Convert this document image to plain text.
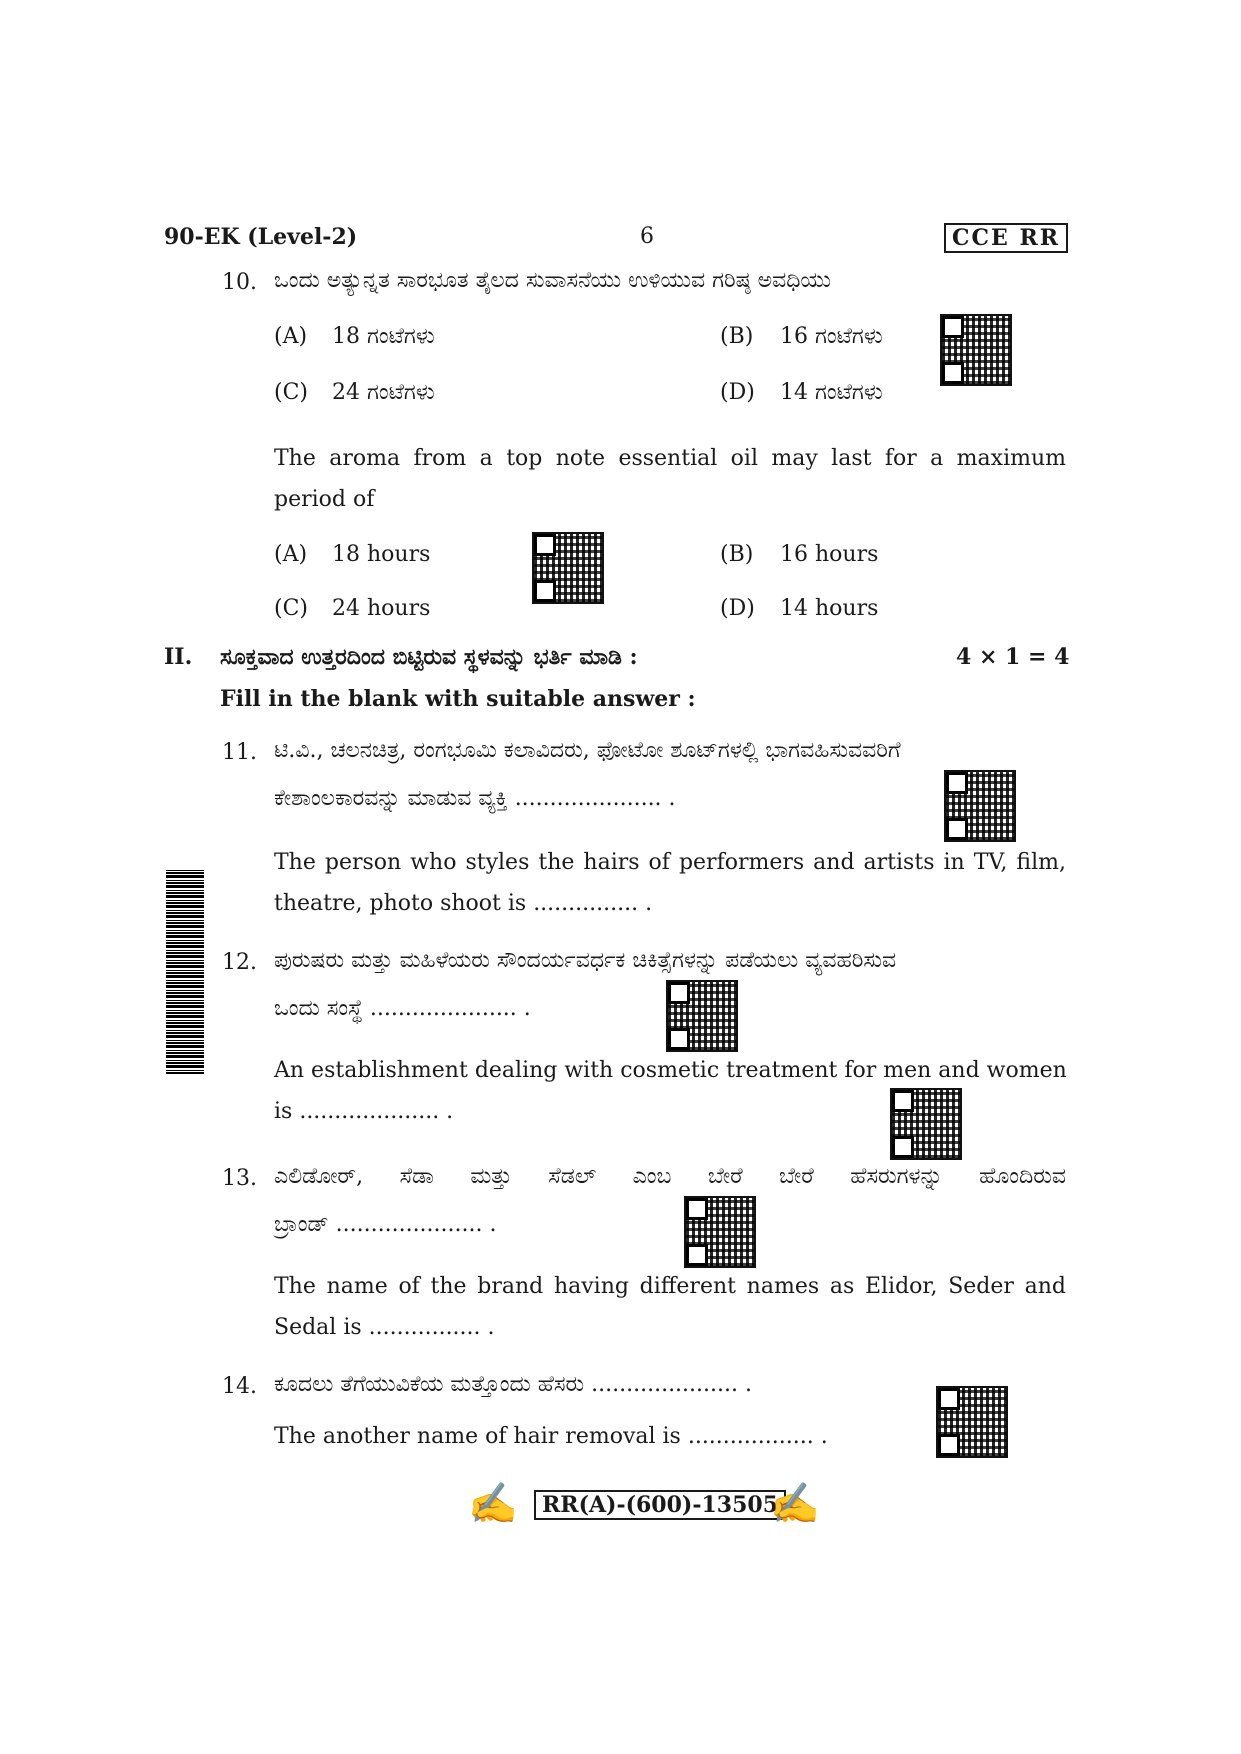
90-EK (Level-2)	6	CCE RR
10. ಒಂದು ಅತ್ಯುನ್ನತ ಸಾರಭೂತ ತೈಲದ ಸುವಾಸನೆಯು ಉಳಿಯುವ ಗರಿಷ್ಠ ಅವಧಿಯು
(A) 18 ಗಂಟೆಗಳು	(B) 16 ಗಂಟೆಗಳು
(C) 24 ಗಂಟೆಗಳು	(D) 14 ಗಂಟೆಗಳು
The aroma from a top note essential oil may last for a maximum
period of
(A) 18 hours	(B) 16 hours
(C) 24 hours	(D) 14 hours
II. ಸೂಕ್ತವಾದ ಉತ್ತರದಿಂದ ಬಿಟ್ಟಿರುವ ಸ್ಥಳವನ್ನು ಭರ್ತಿ ಮಾಡಿ :	4 × 1 = 4
Fill in the blank with suitable answer :
11. ಟಿ.ವಿ., ಚಲನಚಿತ್ರ, ರಂಗಭೂಮಿ ಕಲಾವಿದರು, ಫೋಟೋ ಶೂಟ್‌ಗಳಲ್ಲಿ ಭಾಗವಹಿಸುವವರಿಗೆ
ಕೇಶಾಂಲಕಾರವನ್ನು ಮಾಡುವ ವ್ಯಕ್ತಿ ..................... .
The person who styles the hairs of performers and artists in TV, film,
theatre, photo shoot is ............... .
12. ಪುರುಷರು ಮತ್ತು ಮಹಿಳೆಯರು ಸೌಂದರ್ಯವರ್ಧಕ ಚಿಕಿತ್ಸೆಗಳನ್ನು ಪಡೆಯಲು ವ್ಯವಹರಿಸುವ
ಒಂದು ಸಂಸ್ಥೆ ..................... .
An establishment dealing with cosmetic treatment for men and women
is .................... .
13. ಎಲಿಡೋರ್, ಸೆಡಾ ಮತ್ತು ಸೆಡಲ್ ಎಂಬ ಬೇರೆ ಬೇರೆ ಹೆಸರುಗಳನ್ನು ಹೊಂದಿರುವ
ಬ್ರಾಂಡ್ ..................... .
The name of the brand having different names as Elidor, Seder and
Sedal is ................ .
14. ಕೂದಲು ತೆಗೆಯುವಿಕೆಯ ಮತ್ತೊಂದು ಹೆಸರು ..................... .
The another name of hair removal is .................. .
✍	RR(A)-(600)-13505
✍
